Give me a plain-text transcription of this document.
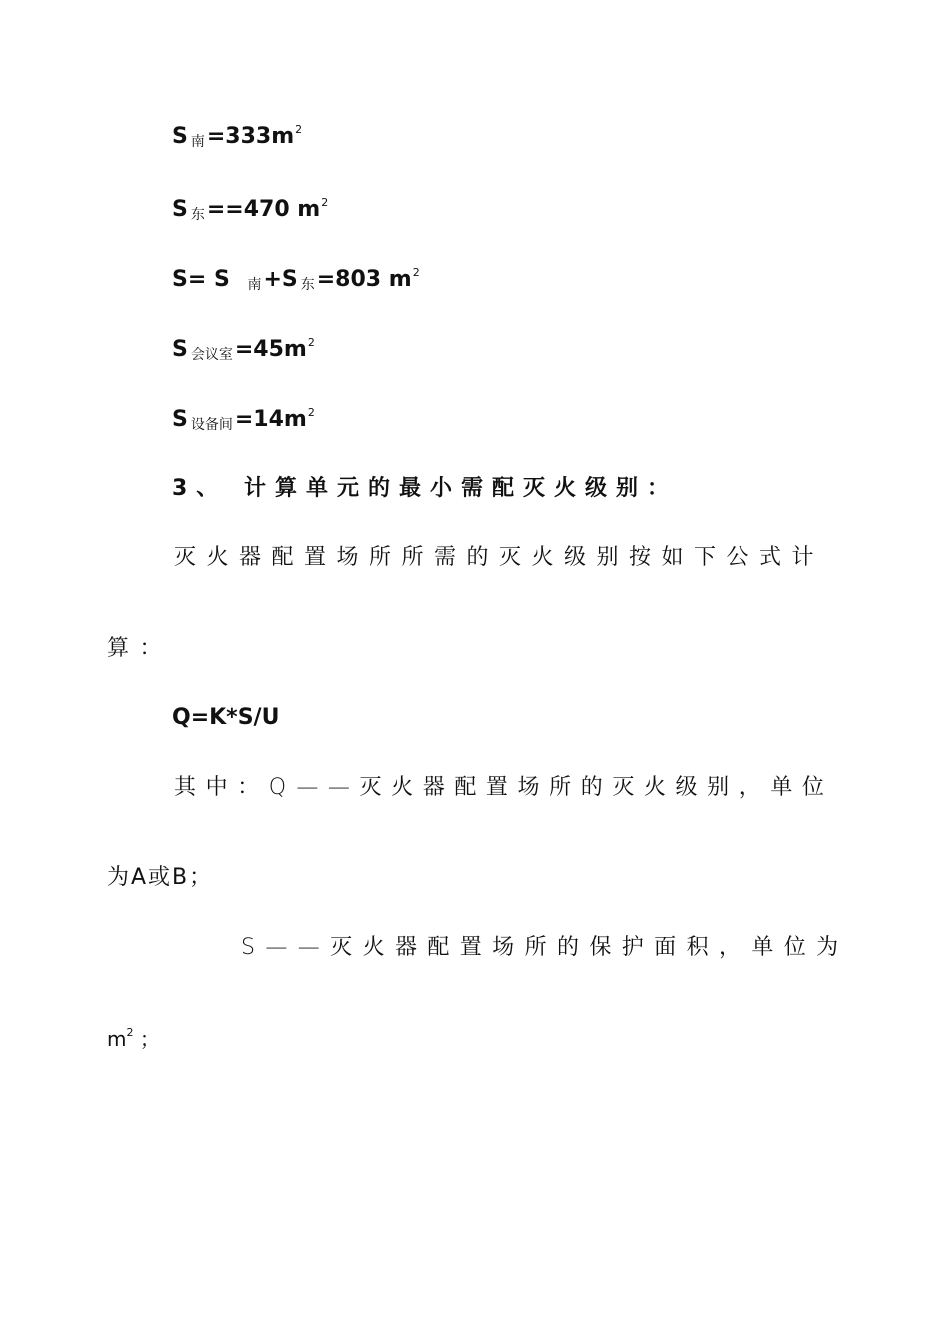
S $_南=333m^2$
S $_东$==470 $m^2$
S= S $_南$+S $_东$=803 $m^2$
S $_{会议室}=45m^2$
S $_{设备间}=14m^2$
3、 计算单元的最小需配灭火级别：
灭火器配置场所所需的灭火级别按如下公式计
算：
Q=K*S/U
其中：Q——灭火器配置场所的灭火级别，单位
为A或B；
S——灭火器配置场所的保护面积，单位为
$m^2$ ；
